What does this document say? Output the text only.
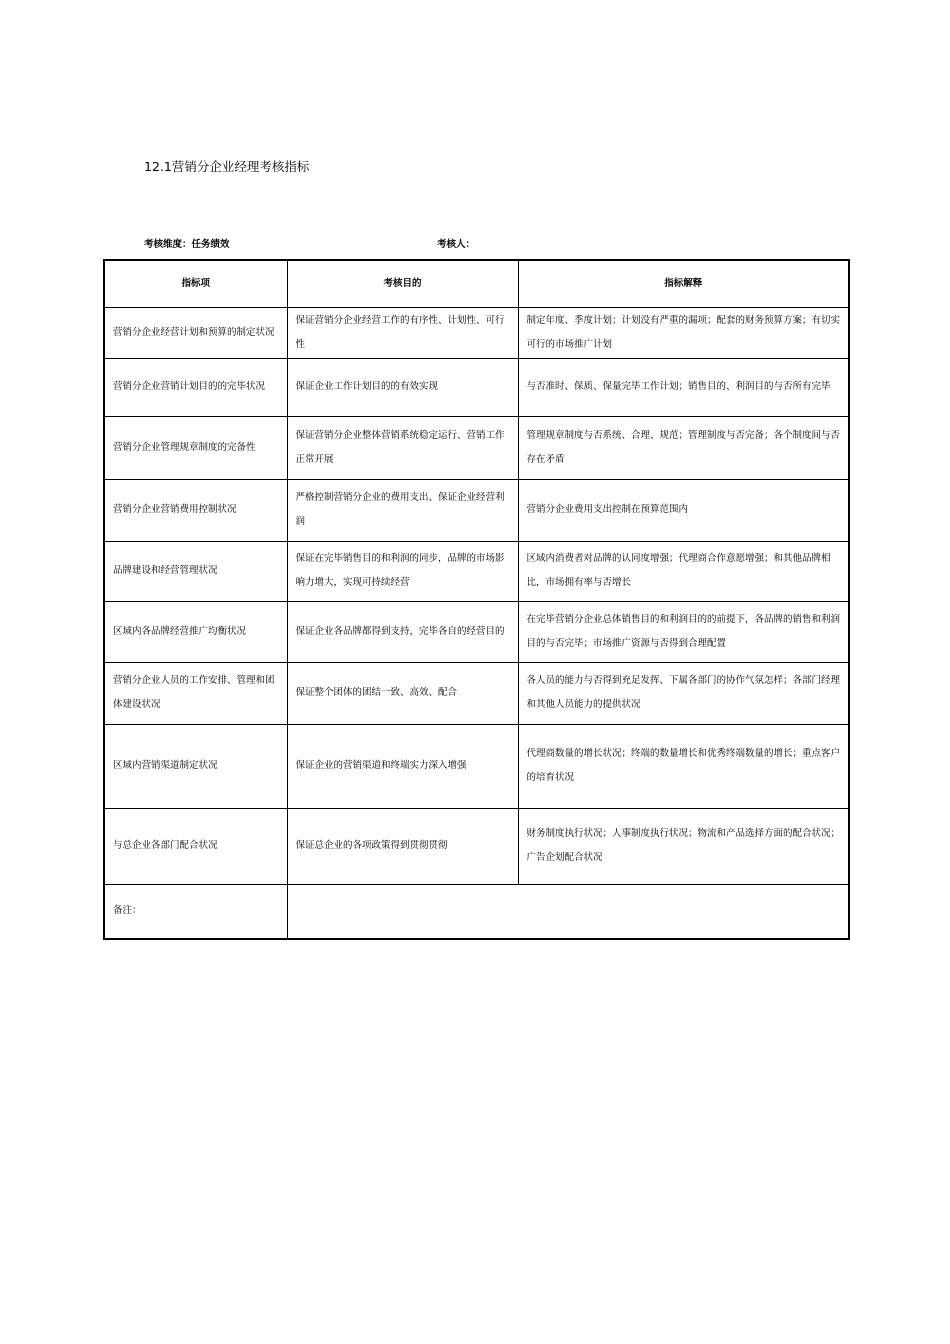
12.1营销分企业经理考核指标
考核维度：任务绩效	考核人：
指标项	考核目的	指标解释
营销分企业经营计划和预算的制定状况	保证营销分企业经营工作的有序性、计划性、可行性	制定年度、季度计划；计划没有严重的漏项；配套的财务预算方案；有切实可行的市场推广计划
营销分企业营销计划目的的完毕状况	保证企业工作计划目的的有效实现	与否准时、保质、保量完毕工作计划；销售目的、利润目的与否所有完毕
营销分企业管理规章制度的完备性	保证营销分企业整体营销系统稳定运行、营销工作正常开展	管理规章制度与否系统、合理、规范；管理制度与否完备；各个制度间与否存在矛盾
营销分企业营销费用控制状况	严格控制营销分企业的费用支出、保证企业经营利润	营销分企业费用支出控制在预算范围内
品牌建设和经营管理状况	保证在完毕销售目的和利润的同步，品牌的市场影响力增大，实现可持续经营	区域内消费者对品牌的认同度增强；代理商合作意愿增强；和其他品牌相比，市场拥有率与否增长
区域内各品牌经营推广均衡状况	保证企业各品牌都得到支持，完毕各自的经营目的	在完毕营销分企业总体销售目的和利润目的的前提下，各品牌的销售和利润目的与否完毕；市场推广资源与否得到合理配置
营销分企业人员的工作安排、管理和团体建设状况	保证整个团体的团结一致、高效、配合	各人员的能力与否得到充足发挥、下属各部门的协作气氛怎样；各部门经理和其他人员能力的提供状况
区域内营销渠道制定状况	保证企业的营销渠道和终端实力深入增强	代理商数量的增长状况；终端的数量增长和优秀终端数量的增长；重点客户的培育状况
与总企业各部门配合状况	保证总企业的各项政策得到贯彻贯彻	财务制度执行状况；人事制度执行状况；物流和产品选择方面的配合状况；广告企划配合状况
备注：		
